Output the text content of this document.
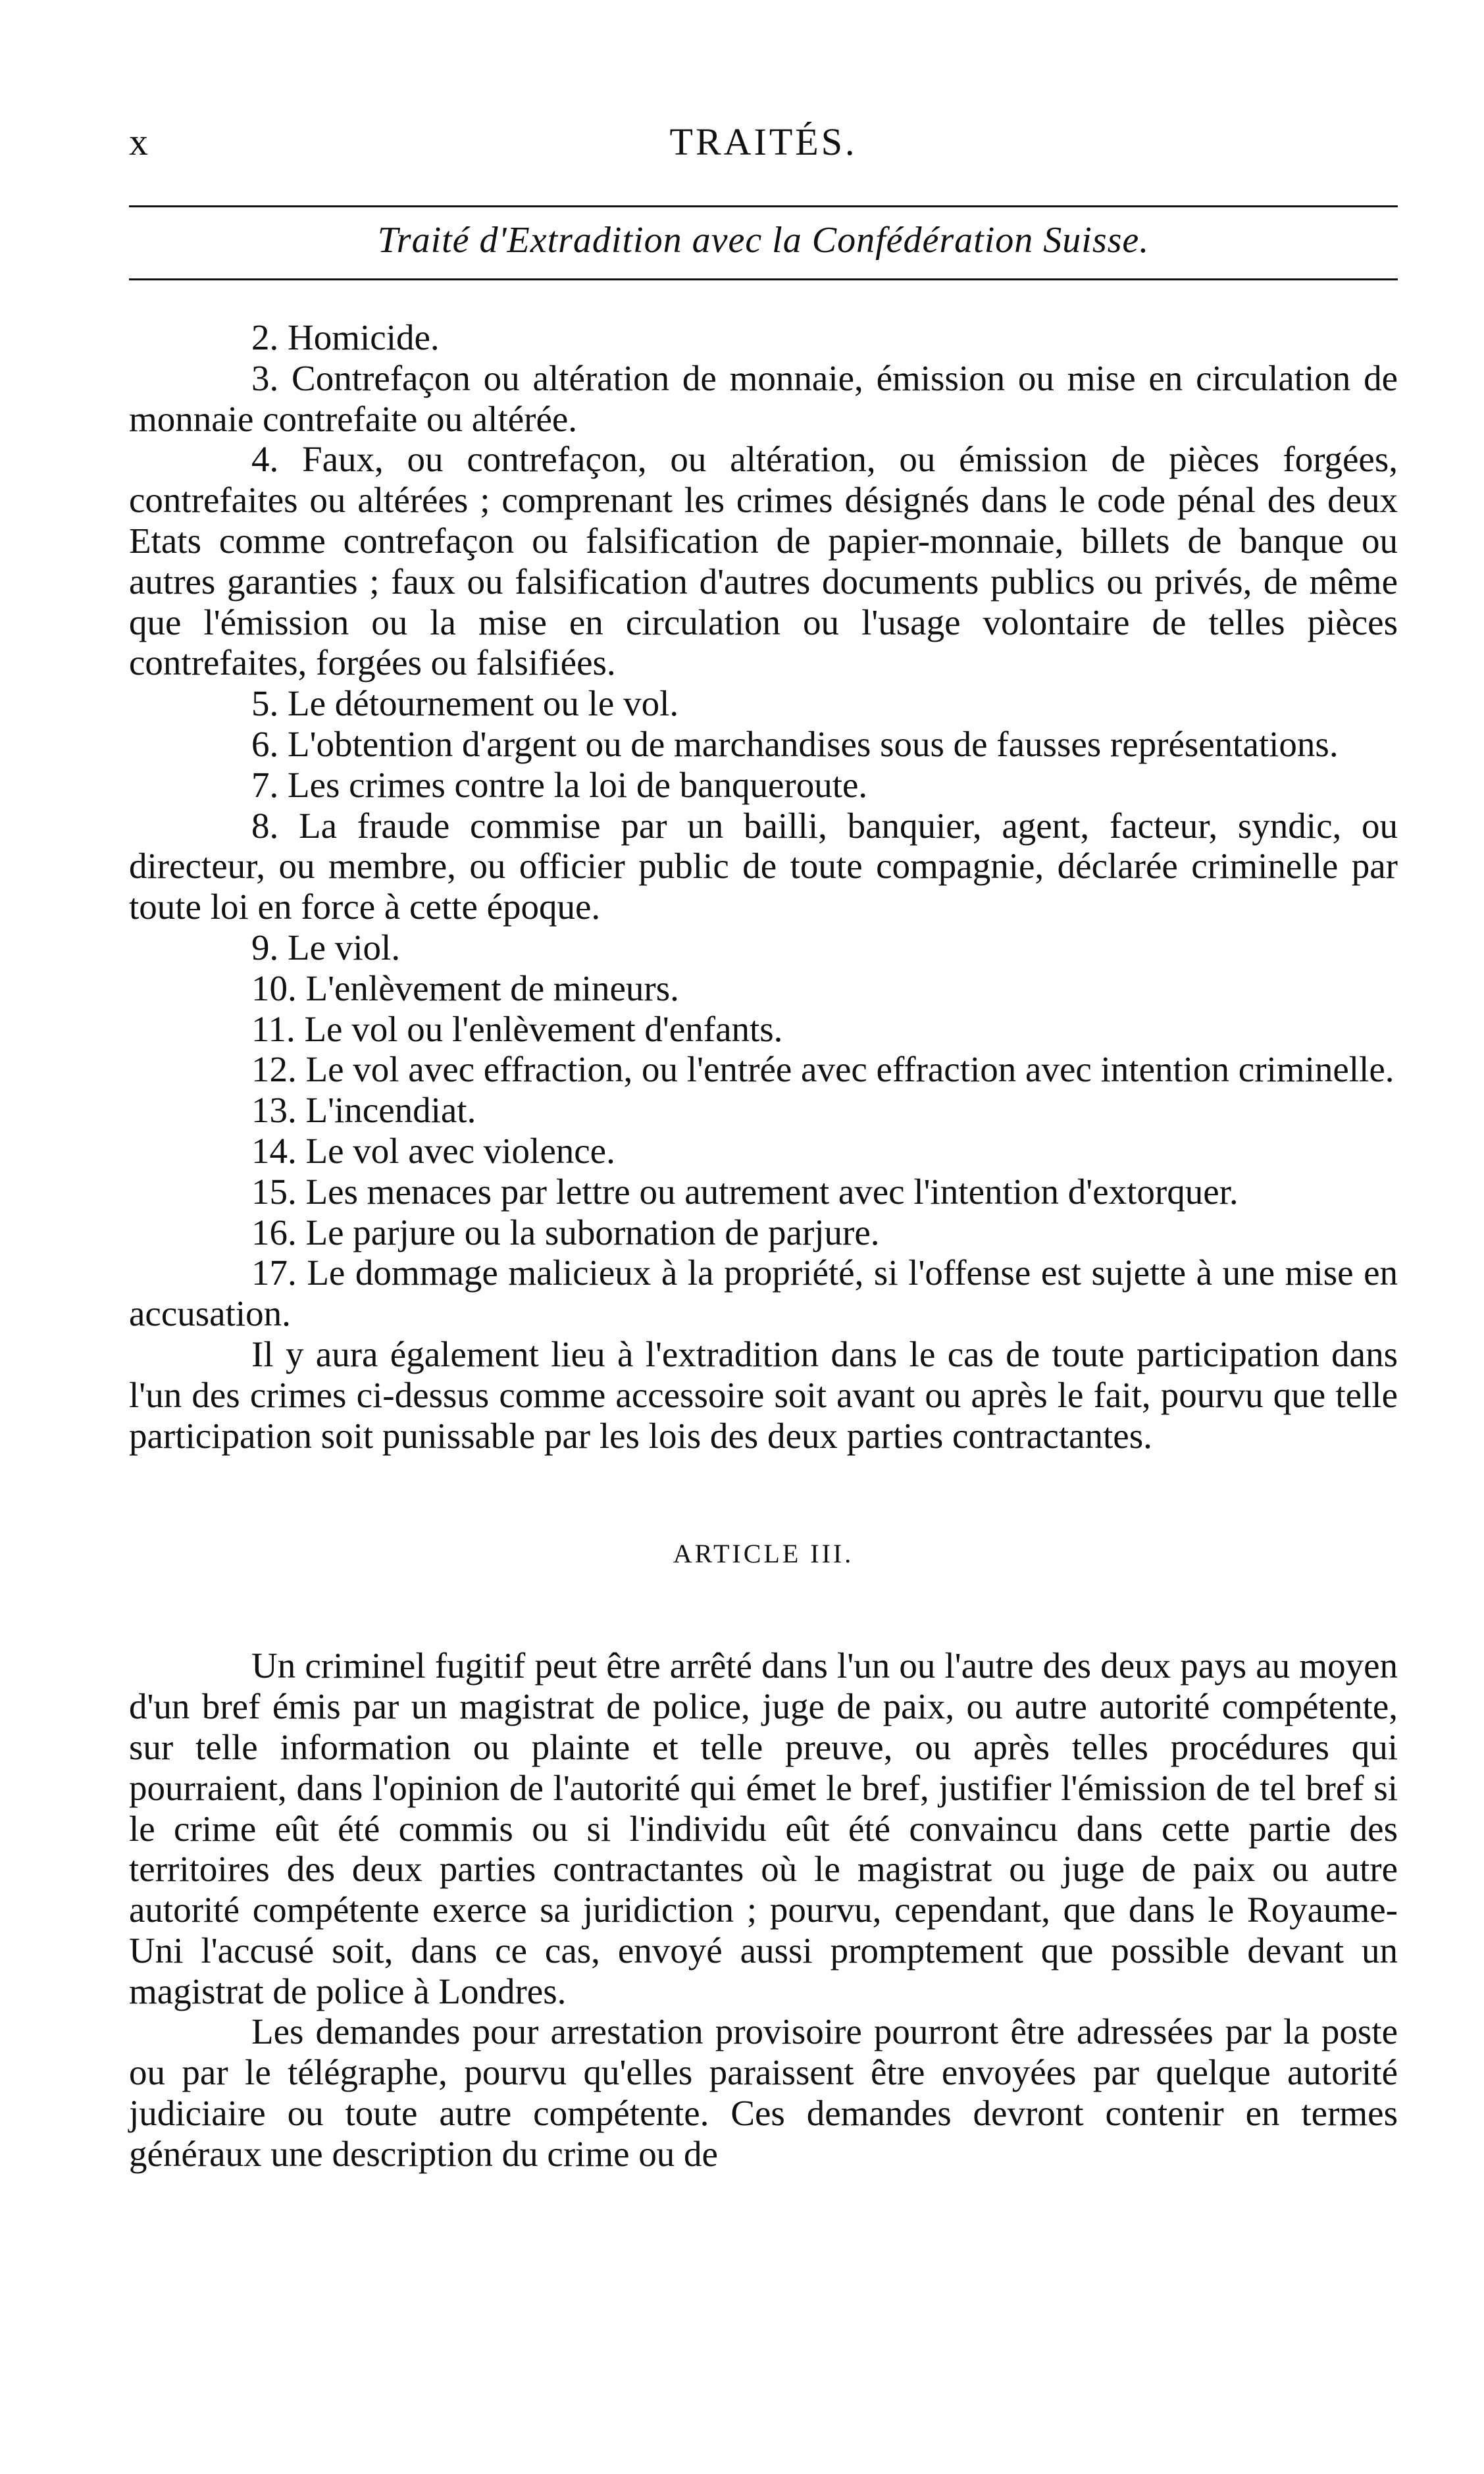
x	TRAITÉS.
Traité d'Extradition avec la Confédération Suisse.

2. Homicide.

3. Contrefaçon ou altération de monnaie, émission ou mise en circulation de monnaie contrefaite ou altérée.

4. Faux, ou contrefaçon, ou altération, ou émission de pièces forgées, contrefaites ou altérées ; comprenant les crimes désignés dans le code pénal des deux Etats comme contrefaçon ou falsification de papier-monnaie, billets de banque ou autres garanties ; faux ou falsification d'autres documents publics ou privés, de même que l'émission ou la mise en circulation ou l'usage volontaire de telles pièces contrefaites, forgées ou falsifiées.

5. Le détournement ou le vol.

6. L'obtention d'argent ou de marchandises sous de fausses représentations.

7. Les crimes contre la loi de banqueroute.

8. La fraude commise par un bailli, banquier, agent, facteur, syndic, ou directeur, ou membre, ou officier public de toute compagnie, déclarée criminelle par toute loi en force à cette époque.

9. Le viol.

10. L'enlèvement de mineurs.

11. Le vol ou l'enlèvement d'enfants.

12. Le vol avec effraction, ou l'entrée avec effraction avec intention criminelle.

13. L'incendiat.

14. Le vol avec violence.

15. Les menaces par lettre ou autrement avec l'intention d'extorquer.

16. Le parjure ou la subornation de parjure.

17. Le dommage malicieux à la propriété, si l'offense est sujette à une mise en accusation.

Il y aura également lieu à l'extradition dans le cas de toute participation dans l'un des crimes ci-dessus comme accessoire soit avant ou après le fait, pourvu que telle participation soit punissable par les lois des deux parties contractantes.

ARTICLE III.

Un criminel fugitif peut être arrêté dans l'un ou l'autre des deux pays au moyen d'un bref émis par un magistrat de police, juge de paix, ou autre autorité compétente, sur telle information ou plainte et telle preuve, ou après telles procédures qui pourraient, dans l'opinion de l'autorité qui émet le bref, justifier l'émission de tel bref si le crime eût été commis ou si l'individu eût été convaincu dans cette partie des territoires des deux parties contractantes où le magistrat ou juge de paix ou autre autorité compétente exerce sa juridiction ; pourvu, cependant, que dans le Royaume-Uni l'accusé soit, dans ce cas, envoyé aussi promptement que possible devant un magistrat de police à Londres.

Les demandes pour arrestation provisoire pourront être adressées par la poste ou par le télégraphe, pourvu qu'elles paraissent être envoyées par quelque autorité judiciaire ou toute autre compétente. Ces demandes devront contenir en termes généraux une description du crime ou de
